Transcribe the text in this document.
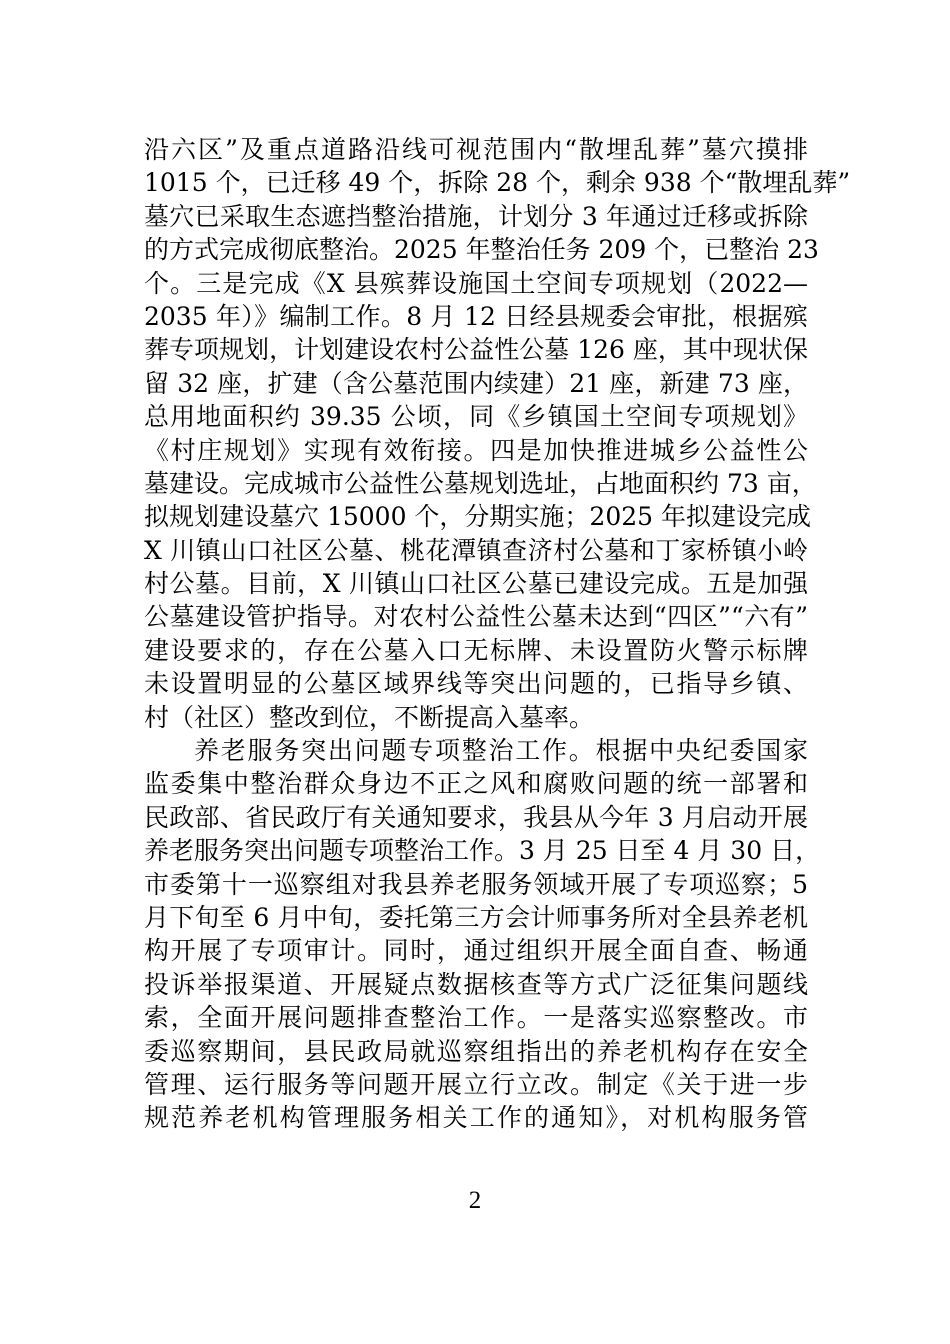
沿六区”及重点道路沿线可视范围内“散埋乱葬”墓穴摸排
1015 个，已迁移 49 个，拆除 28 个，剩余 938 个“散埋乱葬”
墓穴已采取生态遮挡整治措施，计划分 3 年通过迁移或拆除
的方式完成彻底整治。2025 年整治任务 209 个，已整治 23
个。三是完成《X 县殡葬设施国土空间专项规划（2022—
2035 年）》编制工作。8 月 12 日经县规委会审批，根据殡
葬专项规划，计划建设农村公益性公墓 126 座，其中现状保
留 32 座，扩建（含公墓范围内续建）21 座，新建 73 座，
总用地面积约 39.35 公顷，同《乡镇国土空间专项规划》
《村庄规划》实现有效衔接。四是加快推进城乡公益性公
墓建设。完成城市公益性公墓规划选址，占地面积约 73 亩，
拟规划建设墓穴 15000 个，分期实施；2025 年拟建设完成
X 川镇山口社区公墓、桃花潭镇查济村公墓和丁家桥镇小岭
村公墓。目前，X 川镇山口社区公墓已建设完成。五是加强
公墓建设管护指导。对农村公益性公墓未达到“四区”“六有”
建设要求的，存在公墓入口无标牌、未设置防火警示标牌
未设置明显的公墓区域界线等突出问题的，已指导乡镇、
村（社区）整改到位，不断提高入墓率。
养老服务突出问题专项整治工作。根据中央纪委国家
监委集中整治群众身边不正之风和腐败问题的统一部署和
民政部、省民政厅有关通知要求，我县从今年 3 月启动开展
养老服务突出问题专项整治工作。3 月 25 日至 4 月 30 日，
市委第十一巡察组对我县养老服务领域开展了专项巡察；5
月下旬至 6 月中旬，委托第三方会计师事务所对全县养老机
构开展了专项审计。同时，通过组织开展全面自查、畅通
投诉举报渠道、开展疑点数据核查等方式广泛征集问题线
索，全面开展问题排查整治工作。一是落实巡察整改。市
委巡察期间，县民政局就巡察组指出的养老机构存在安全
管理、运行服务等问题开展立行立改。制定《关于进一步
规范养老机构管理服务相关工作的通知》，对机构服务管
2
